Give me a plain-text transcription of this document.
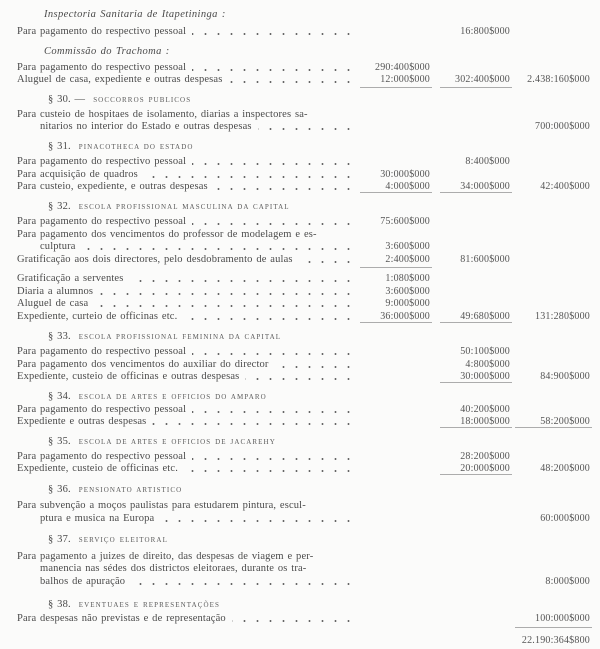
Inspectoria Sanitaria de Itapetininga :
Para pagamento do respectivo pessoal	16:800$000
Commissão do Trachoma :
Para pagamento do respectivo pessoal	290:400$000
Aluguel de casa, expediente e outras despesas	12:000$000	302:400$000 2.438:160$000
§ 30. — SOCCORROS PUBLICOS
Para custeio de hospitaes de isolamento, diarias a inspectores sa-
nitarios no interior do Estado e outras despesas	700:000$000
§ 31. PINACOTHECA DO ESTADO
Para pagamento do respectivo pessoal	8:400$000
Para acquisição de quadros	30:000$000
Para custeio, expediente, e outras despesas	4:000$000	34:000$000	42:400$000
§ 32. ESCOLA PROFISSIONAL MASCULINA DA CAPITAL
Para pagamento do respectivo pessoal	75:600$000
Para pagamento dos vencimentos do professor de modelagem e es-
culptura	3:600$000
Gratificação aos dois directores, pelo desdobramento de aulas	2:400$000	81:600$000
Gratificação a serventes	1:080$000
Diaria a alumnos	3:600$000
Aluguel de casa	9:000$000
Expediente, curteio de officinas etc.	36:000$000	49:680$000	131:280$000
§ 33. ESCOLA PROFISSIONAL FEMININA DA CAPITAL
Para pagamento do respectivo pessoal	50:100$000
Para pagamento dos vencimentos do auxiliar do director	4:800$000
Expediente, custeio de officinas e outras despesas	30:000$000	84:900$000
§ 34. ESCOLA DE ARTES E OFFICIOS DO AMPARO
Para pagamento do respectivo pessoal	40:200$000
Expediente e outras despesas	18:000$000	58:200$000
§ 35. ESCOLA DE ARTES E OFFICIOS DE JACAREHY
Para pagamento do respectivo pessoal	28:200$000
Expediente, custeio de officinas etc.	20:000$000	48:200$000
§ 36. PENSIONATO ARTISTICO
Para subvenção a moços paulistas para estudarem pintura, escul-
ptura e musica na Europa	60:000$000
§ 37. SERVIÇO ELEITORAL
Para pagamento a juizes de direito, das despesas de viagem e per-
manencia nas sédes dos districtos eleitoraes, durante os tra-
balhos de apuração	8:000$000
§ 38. EVENTUAES E REPRESENTAÇÕES
Para despesas não previstas e de representação	100:000$000
22.190:364$800
